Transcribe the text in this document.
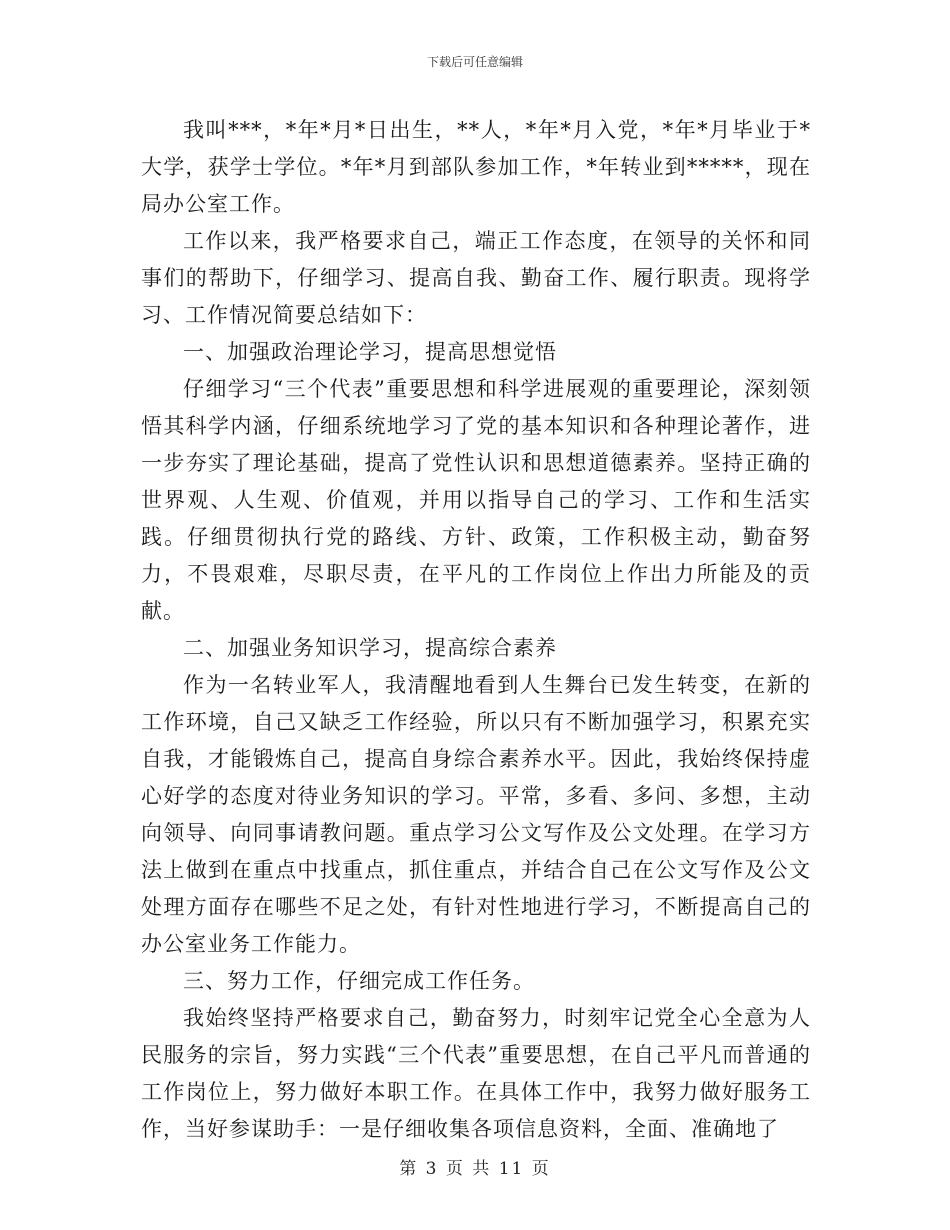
下载后可任意编辑

我叫***，*年*月*日出生，**人，*年*月入党，*年*月毕业于*大学，获学士学位。*年*月到部队参加工作，*年转业到*****，现在局办公室工作。

工作以来，我严格要求自己，端正工作态度，在领导的关怀和同事们的帮助下，仔细学习、提高自我、勤奋工作、履行职责。现将学习、工作情况简要总结如下：

一、加强政治理论学习，提高思想觉悟

仔细学习“三个代表”重要思想和科学进展观的重要理论，深刻领悟其科学内涵，仔细系统地学习了党的基本知识和各种理论著作，进一步夯实了理论基础，提高了党性认识和思想道德素养。坚持正确的世界观、人生观、价值观，并用以指导自己的学习、工作和生活实践。仔细贯彻执行党的路线、方针、政策，工作积极主动，勤奋努力，不畏艰难，尽职尽责，在平凡的工作岗位上作出力所能及的贡献。

二、加强业务知识学习，提高综合素养

作为一名转业军人，我清醒地看到人生舞台已发生转变，在新的工作环境，自己又缺乏工作经验，所以只有不断加强学习，积累充实自我，才能锻炼自己，提高自身综合素养水平。因此，我始终保持虚心好学的态度对待业务知识的学习。平常，多看、多问、多想，主动向领导、向同事请教问题。重点学习公文写作及公文处理。在学习方法上做到在重点中找重点，抓住重点，并结合自己在公文写作及公文处理方面存在哪些不足之处，有针对性地进行学习，不断提高自己的办公室业务工作能力。

三、努力工作，仔细完成工作任务。

我始终坚持严格要求自己，勤奋努力，时刻牢记党全心全意为人民服务的宗旨，努力实践“三个代表”重要思想，在自己平凡而普通的工作岗位上，努力做好本职工作。在具体工作中，我努力做好服务工作，当好参谋助手：一是仔细收集各项信息资料，全面、准确地了

第 3 页 共 11 页
